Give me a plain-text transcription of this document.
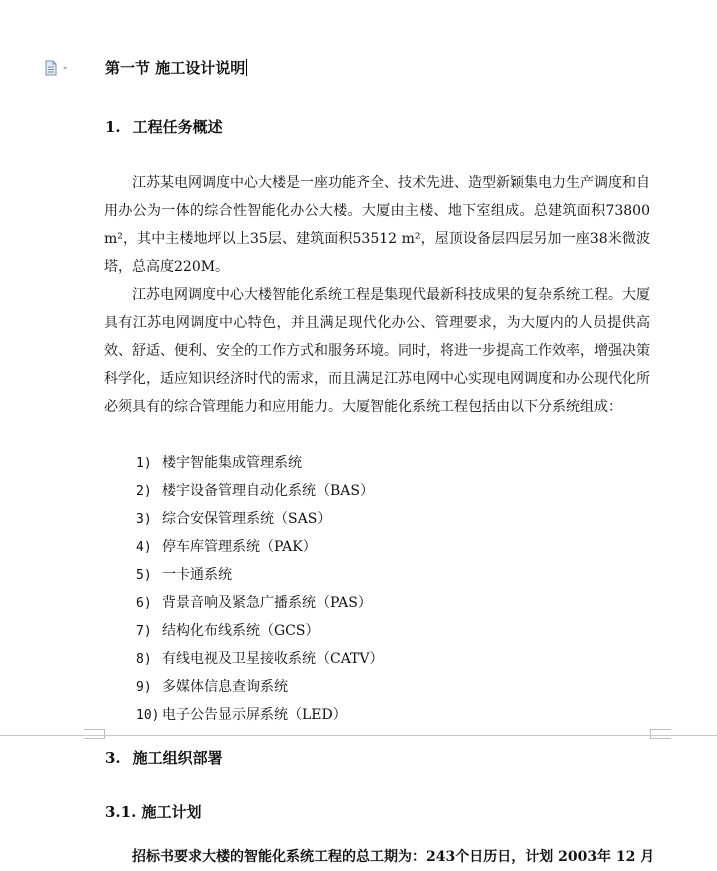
第一节 施工设计说明
1. 工程任务概述
江苏某电网调度中心大楼是一座功能齐全、技术先进、造型新颖集电力生产调度和自用办公为一体的综合性智能化办公大楼。大厦由主楼、地下室组成。总建筑面积73800m²，其中主楼地坪以上35层、建筑面积53512 m²，屋顶设备层四层另加一座38米微波塔，总高度220M。
江苏电网调度中心大楼智能化系统工程是集现代最新科技成果的复杂系统工程。大厦具有江苏电网调度中心特色，并且满足现代化办公、管理要求，为大厦内的人员提供高效、舒适、便利、安全的工作方式和服务环境。同时，将进一步提高工作效率，增强决策科学化，适应知识经济时代的需求，而且满足江苏电网中心实现电网调度和办公现代化所必须具有的综合管理能力和应用能力。大厦智能化系统工程包括由以下分系统组成：
1) 楼宇智能集成管理系统
2) 楼宇设备管理自动化系统（BAS）
3) 综合安保管理系统（SAS）
4) 停车库管理系统（PAK）
5) 一卡通系统
6) 背景音响及紧急广播系统（PAS）
7) 结构化布线系统（GCS）
8) 有线电视及卫星接收系统（CATV）
9) 多媒体信息查询系统
10) 电子公告显示屏系统（LED）
3. 施工组织部署
3.1. 施工计划
招标书要求大楼的智能化系统工程的总工期为：243个日历日，计划 2003年 12 月
